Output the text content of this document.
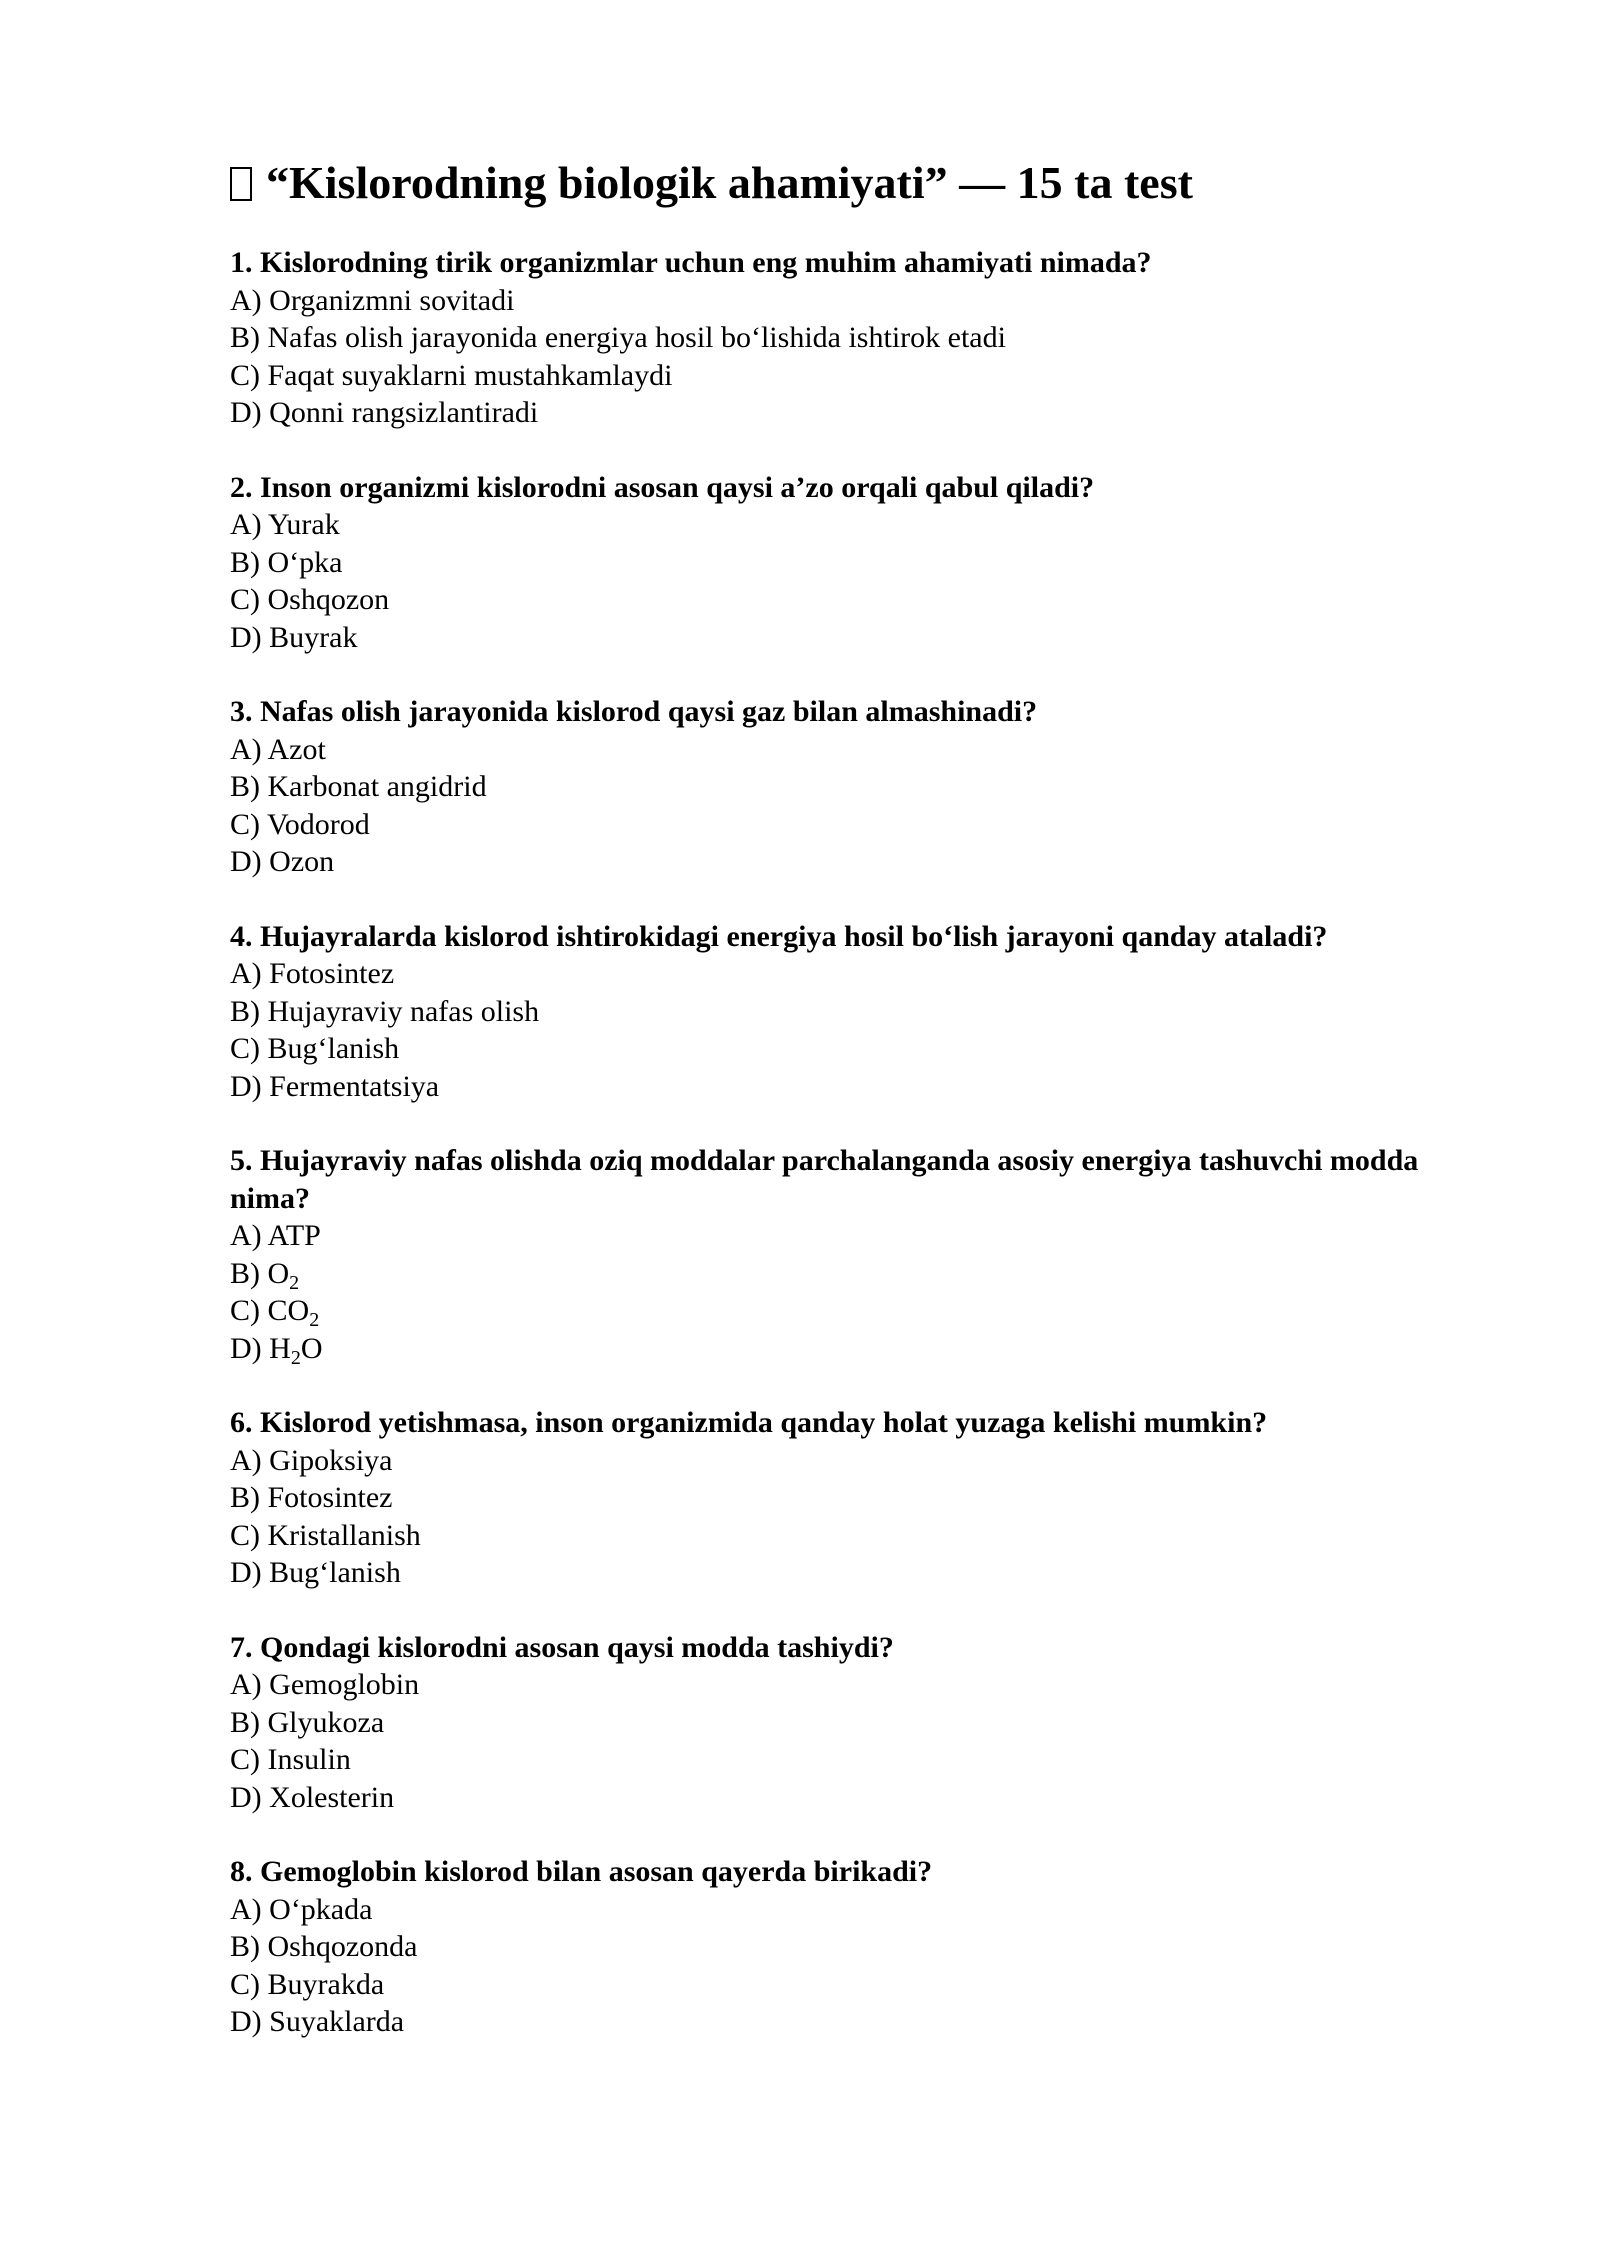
“Kislorodning biologik ahamiyati” — 15 ta test
1. Kislorodning tirik organizmlar uchun eng muhim ahamiyati nimada?
A) Organizmni sovitadi
B) Nafas olish jarayonida energiya hosil bo‘lishida ishtirok etadi
C) Faqat suyaklarni mustahkamlaydi
D) Qonni rangsizlantiradi
2. Inson organizmi kislorodni asosan qaysi a’zo orqali qabul qiladi?
A) Yurak
B) O‘pka
C) Oshqozon
D) Buyrak
3. Nafas olish jarayonida kislorod qaysi gaz bilan almashinadi?
A) Azot
B) Karbonat angidrid
C) Vodorod
D) Ozon
4. Hujayralarda kislorod ishtirokidagi energiya hosil bo‘lish jarayoni qanday ataladi?
A) Fotosintez
B) Hujayraviy nafas olish
C) Bug‘lanish
D) Fermentatsiya
5. Hujayraviy nafas olishda oziq moddalar parchalanganda asosiy energiya tashuvchi modda nima?
A) ATP
B) $O_2$
C) $CO_2$
D) $H_2O$
6. Kislorod yetishmasa, inson organizmida qanday holat yuzaga kelishi mumkin?
A) Gipoksiya
B) Fotosintez
C) Kristallanish
D) Bug‘lanish
7. Qondagi kislorodni asosan qaysi modda tashiydi?
A) Gemoglobin
B) Glyukoza
C) Insulin
D) Xolesterin
8. Gemoglobin kislorod bilan asosan qayerda birikadi?
A) O‘pkada
B) Oshqozonda
C) Buyrakda
D) Suyaklarda
